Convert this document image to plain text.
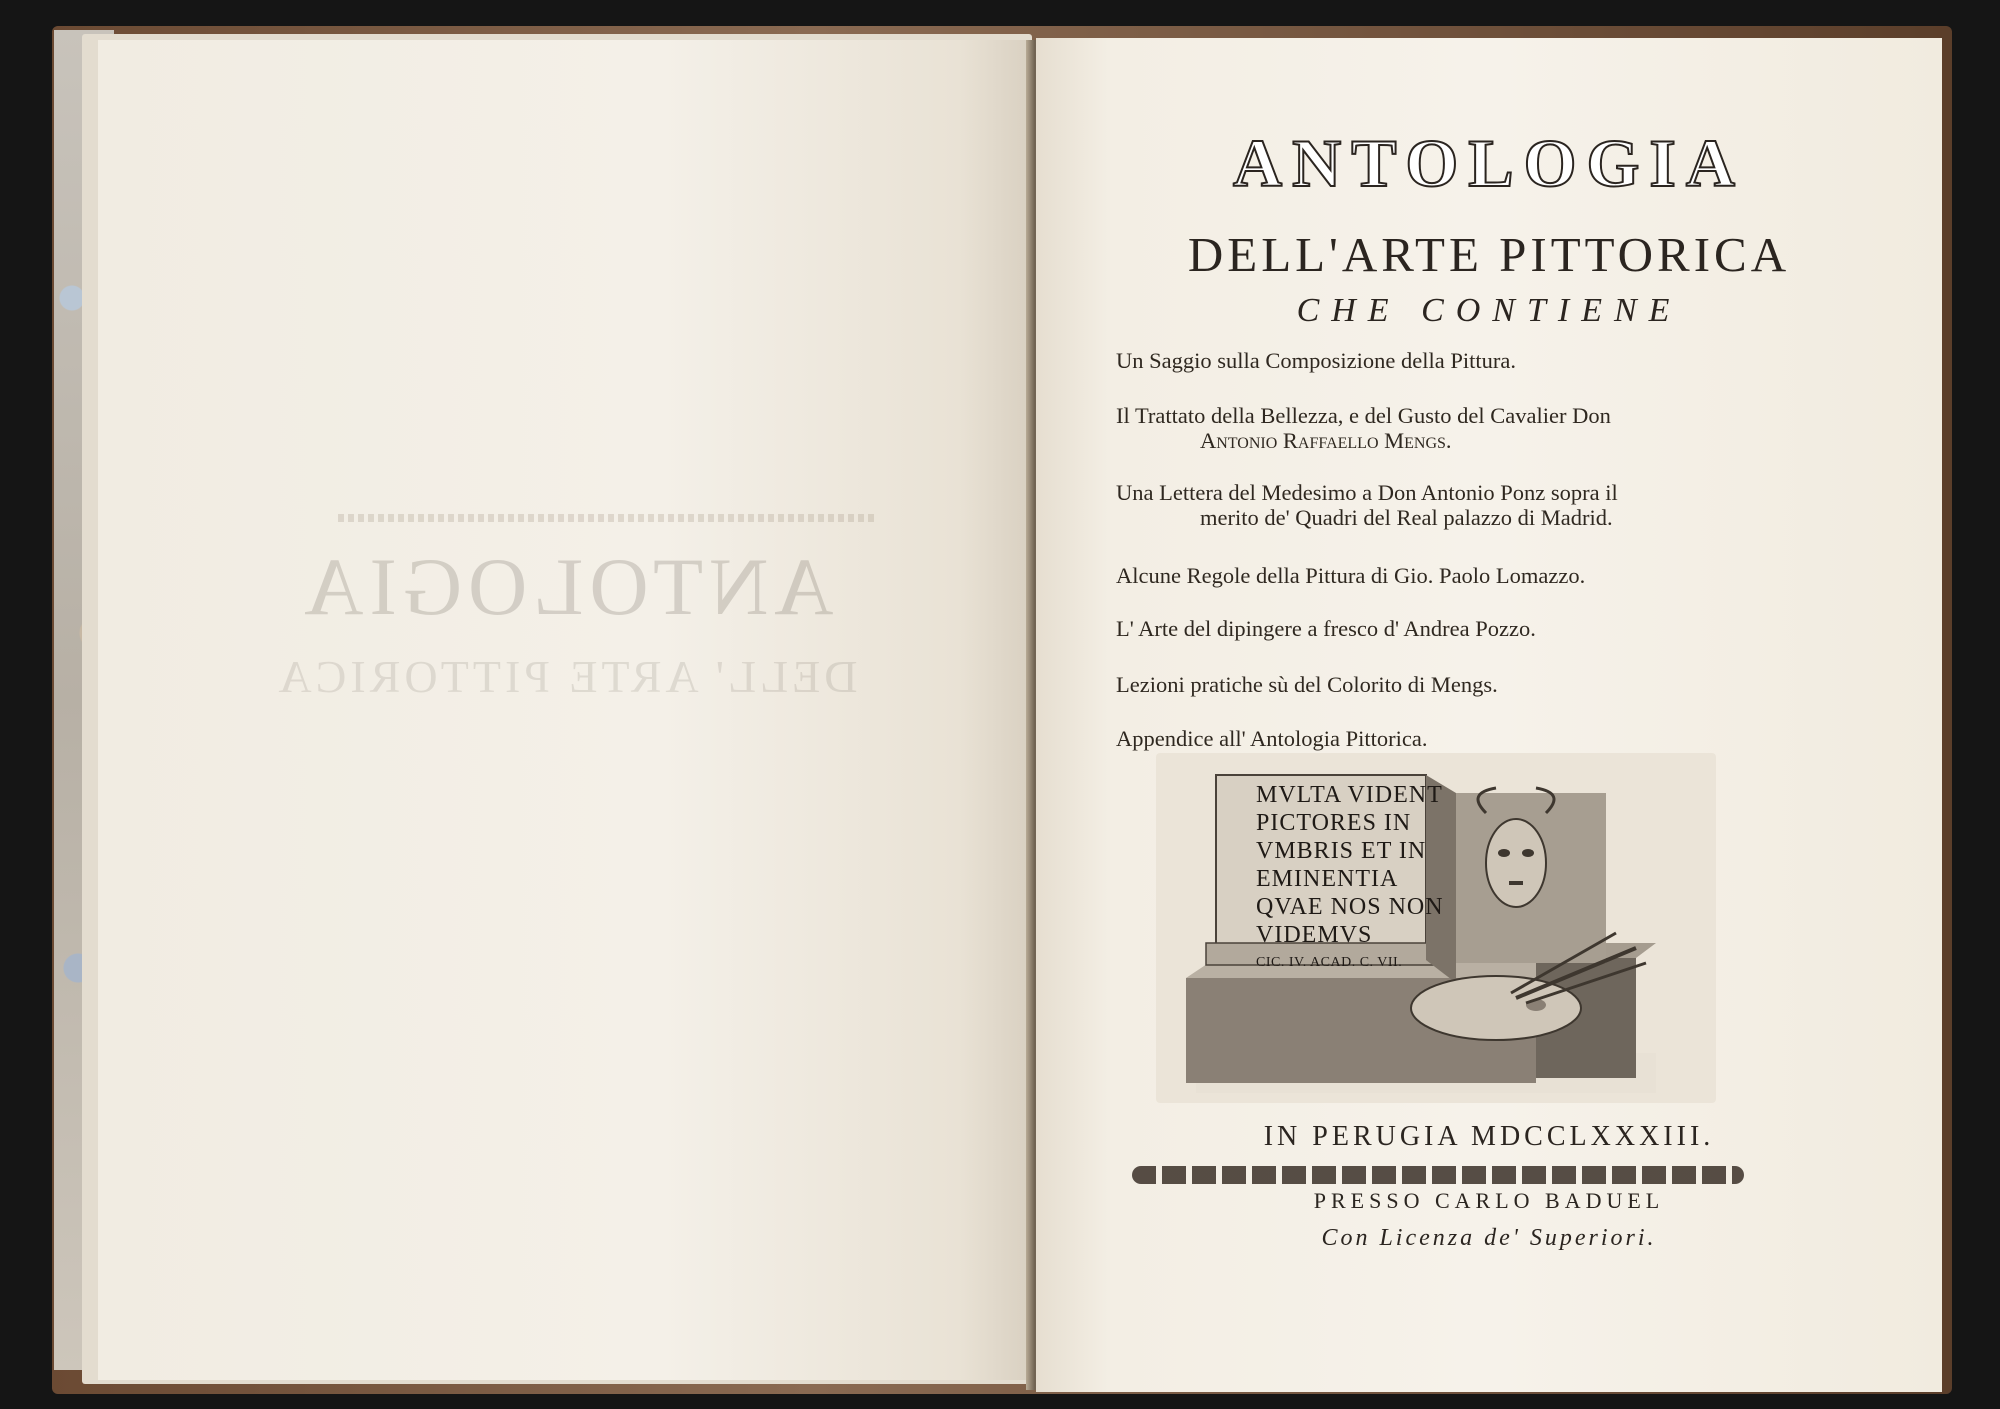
ANTOLOGIA
DELL' ARTE PITTORICA
ANTOLOGIA
DELL'ARTE PITTORICA
CHE CONTIENE
Un Saggio sulla Composizione della Pittura.
Il Trattato della Bellezza, e del Gusto del Cavalier Don
Antonio Raffaello Mengs.
Una Lettera del Medesimo a Don Antonio Ponz sopra il
merito de' Quadri del Real palazzo di Madrid.
Alcune Regole della Pittura di Gio. Paolo Lomazzo.
L' Arte del dipingere a fresco d' Andrea Pozzo.
Lezioni pratiche sù del Colorito di Mengs.
Appendice all' Antologia Pittorica.
MVLTA VIDENT
PICTORES IN
VMBRIS ET IN
EMINENTIA
QVAE NOS NON
VIDEMVS
CIC. IV. ACAD. C. VII.
IN PERUGIA MDCCLXXXIII.
PRESSO CARLO BADUEL
Con Licenza de' Superiori.
